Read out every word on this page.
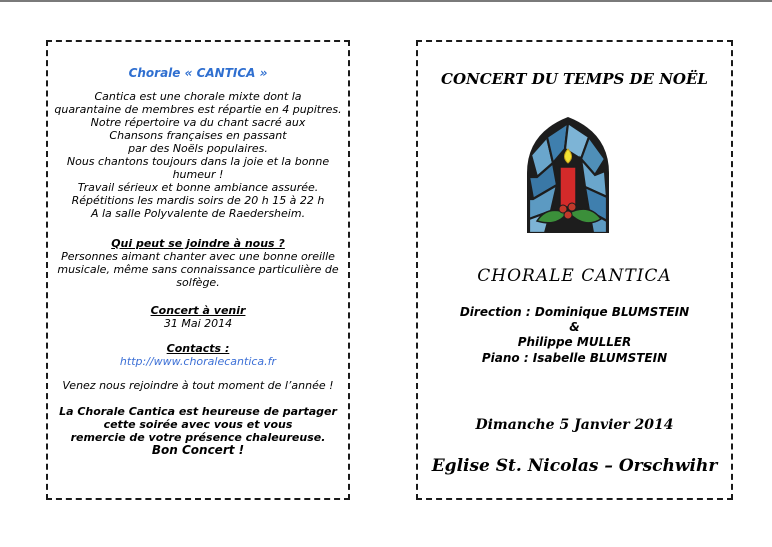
Chorale « CANTICA »
Cantica est une chorale mixte dont la
quarantaine de membres est répartie en 4 pupitres.
Notre répertoire va du chant sacré aux
Chansons françaises en passant
par des Noëls populaires.
Nous chantons toujours dans la joie et la bonne
humeur !
Travail sérieux et bonne ambiance assurée.
Répétitions les mardis soirs de 20 h 15 à 22 h
A la salle Polyvalente de Raedersheim.
Qui peut se joindre à nous ?
Personnes aimant chanter avec une bonne oreille
musicale, même sans connaissance particulière de
solfège.
Concert à venir
31 Mai 2014
Contacts :
http://www.choralecantica.fr
Venez nous rejoindre à tout moment de l’année !
La Chorale Cantica est heureuse de partager
cette soirée avec vous et vous
remercie de votre présence chaleureuse.
Bon Concert !
CONCERT DU TEMPS DE NOËL
CHORALE CANTICA
Direction : Dominique BLUMSTEIN
&
Philippe MULLER
Piano : Isabelle BLUMSTEIN
Dimanche 5 Janvier 2014
Eglise St. Nicolas – Orschwihr
